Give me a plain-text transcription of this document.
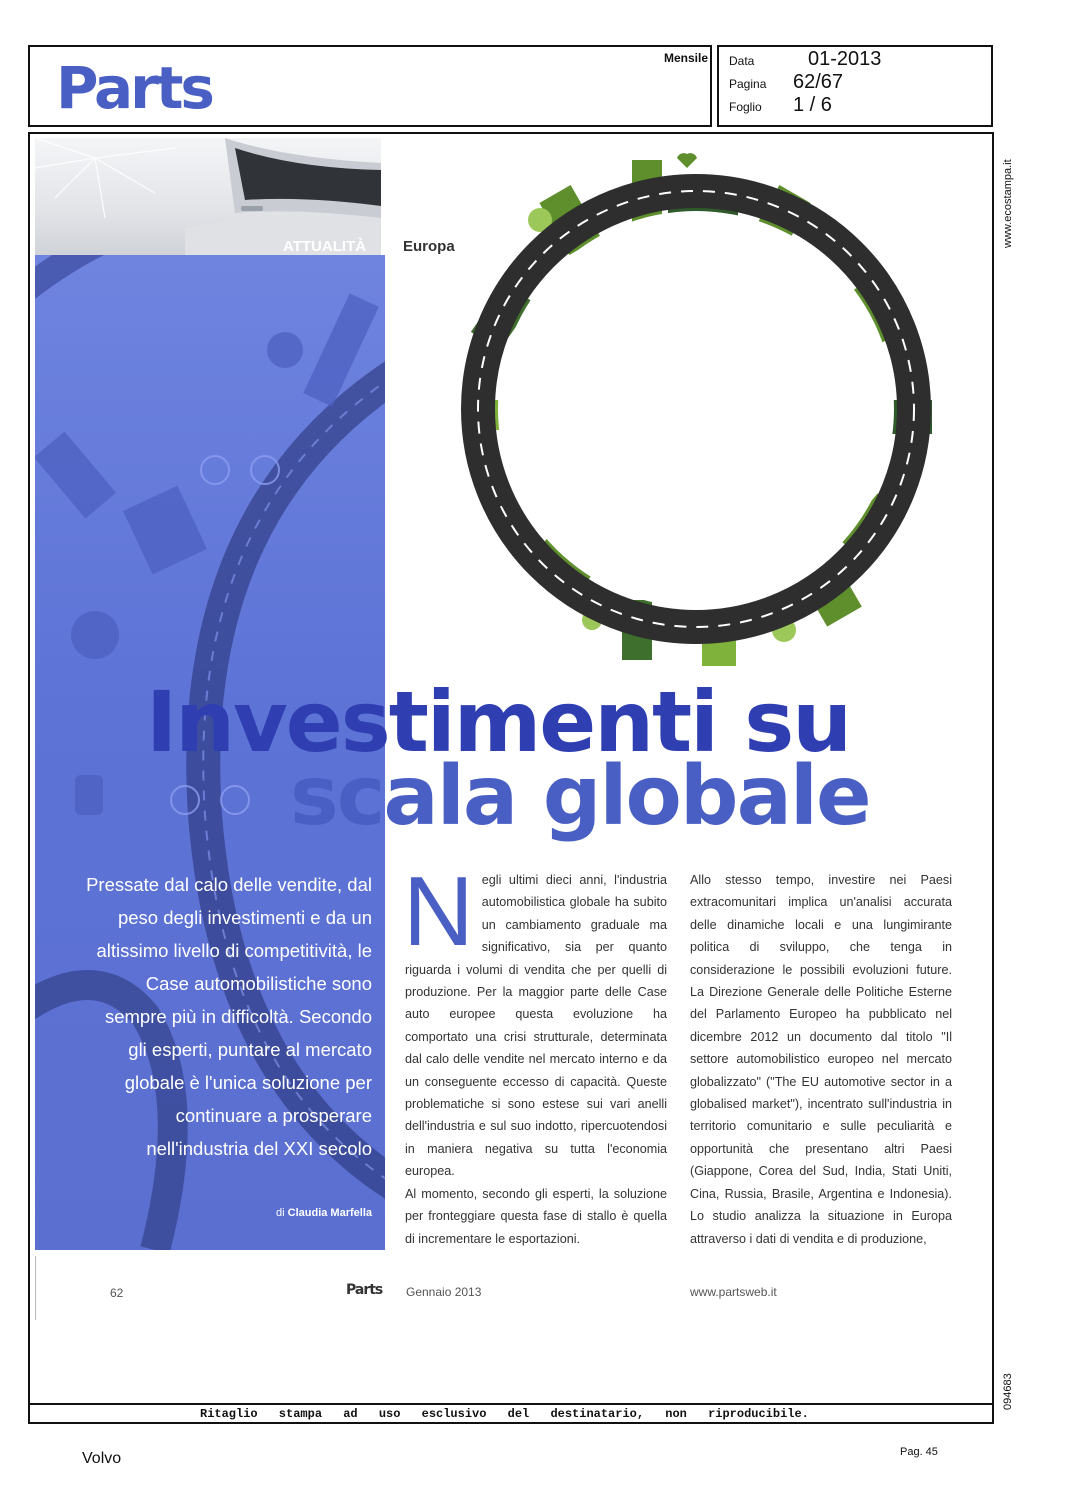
Parts	Mensile Data	01-2013
Pagina 62/67
Foglio 1 / 6
www.ecostampa.it
094683
ATTUALITÀ Europa
Investimenti su
scala globale
Pressate dal calo delle vendite, dal peso degli investimenti e da un altissimo livello di competitività, le Case automobilistiche sono sempre più in difficoltà. Secondo gli esperti, puntare al mercato globale è l'unica soluzione per continuare a prosperare nell'industria del XXI secolo
di Claudia Marfella
N egli ultimi dieci anni, l'industria automobilistica globale ha subito un cambiamento graduale ma significativo, sia per quanto riguarda i volumi di vendita che per quelli di produzione. Per la maggior parte delle Case auto europee questa evoluzione ha comportato una crisi strutturale, determinata dal calo delle vendite nel mercato interno e da un conseguente eccesso di capacità. Queste problematiche si sono estese sui vari anelli dell'industria e sul suo indotto, ripercuotendosi in maniera negativa su tutta l'economia europea.
Al momento, secondo gli esperti, la soluzione per fronteggiare questa fase di stallo è quella di incrementare le esportazioni.
Allo stesso tempo, investire nei Paesi extracomunitari implica un'analisi accurata delle dinamiche locali e una lungimirante politica di sviluppo, che tenga in considerazione le possibili evoluzioni future. La Direzione Generale delle Politiche Esterne del Parlamento Europeo ha pubblicato nel dicembre 2012 un documento dal titolo "Il settore automobilistico europeo nel mercato globalizzato" ("The EU automotive sector in a globalised market"), incentrato sull'industria in territorio comunitario e sulle peculiarità e opportunità che presentano altri Paesi (Giappone, Corea del Sud, India, Stati Uniti, Cina, Russia, Brasile, Argentina e Indonesia). Lo studio analizza la situazione in Europa attraverso i dati di vendita e di produzione,
62	Parts Gennaio 2013	www.partsweb.it
Ritaglio stampa ad uso esclusivo del destinatario, non riproducibile.
Volvo	Pag. 45
